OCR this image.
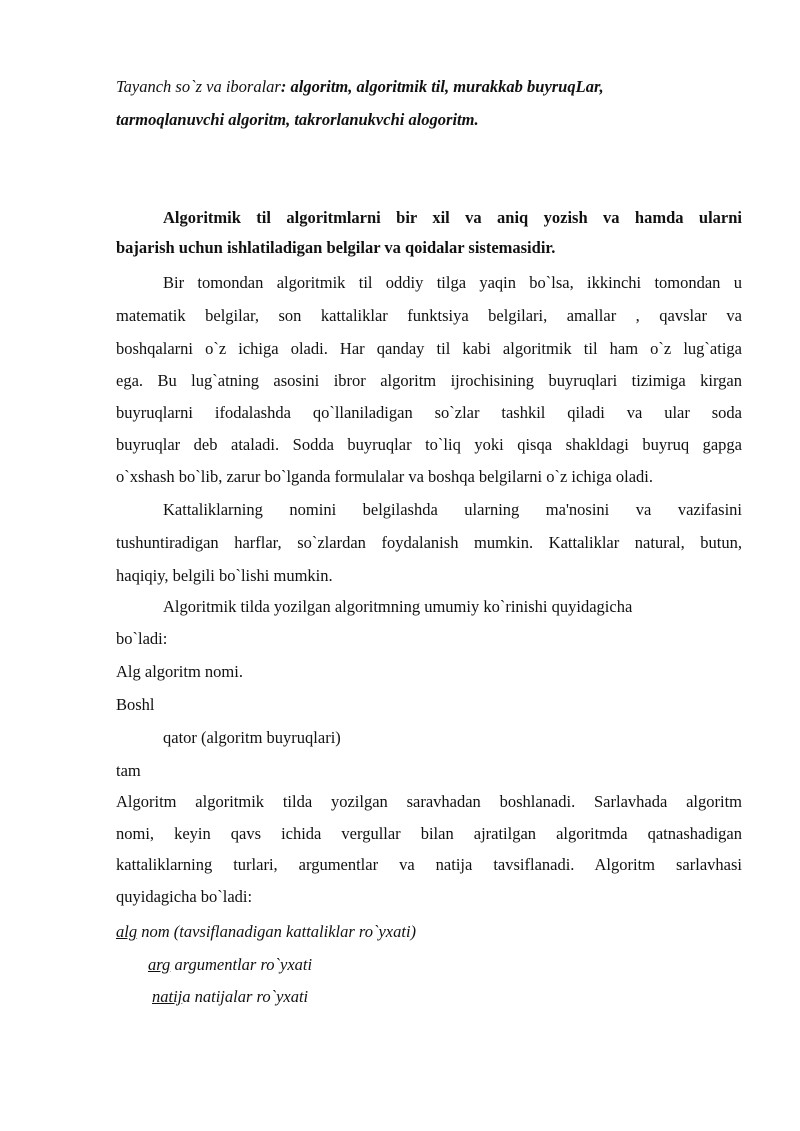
Tayanch so`z va iboralar: algoritm, algoritmik til, murakkab buyruqLar,
tarmoqlanuvchi algoritm, takrorlanukvchi alogoritm.
Algoritmik til algoritmlarni bir xil va aniq yozish va hamda ularni
bajarish uchun ishlatiladigan belgilar va qoidalar sistemasidir.
Bir tomondan algoritmik til oddiy tilga yaqin bo`lsa, ikkinchi tomondan u
matematik belgilar, son kattaliklar funktsiya belgilari, amallar , qavslar va
boshqalarni o`z ichiga oladi. Har qanday til kabi algoritmik til ham o`z lug`atiga
ega. Bu lug`atning asosini ibror algoritm ijrochisining buyruqlari tizimiga kirgan
buyruqlarni ifodalashda qo`llaniladigan so`zlar tashkil qiladi va ular soda
buyruqlar deb ataladi. Sodda buyruqlar to`liq yoki qisqa shakldagi buyruq gapga
o`xshash bo`lib, zarur bo`lganda formulalar va boshqa belgilarni o`z ichiga oladi.
Kattaliklarning nomini belgilashda ularning ma'nosini va vazifasini
tushuntiradigan harflar, so`zlardan foydalanish mumkin. Kattaliklar natural, butun,
haqiqiy, belgili bo`lishi mumkin.
Algoritmik tilda yozilgan algoritmning umumiy ko`rinishi quyidagicha
bo`ladi:
Alg algoritm nomi.
Boshl
qator (algoritm buyruqlari)
tam
Algoritm algoritmik tilda yozilgan saravhadan boshlanadi. Sarlavhada algoritm
nomi, keyin qavs ichida vergullar bilan ajratilgan algoritmda qatnashadigan
kattaliklarning turlari, argumentlar va natija tavsiflanadi. Algoritm sarlavhasi
quyidagicha bo`ladi:
alg nom (tavsiflanadigan kattaliklar ro`yxati)
arg argumentlar ro`yxati
natija natijalar ro`yxati
